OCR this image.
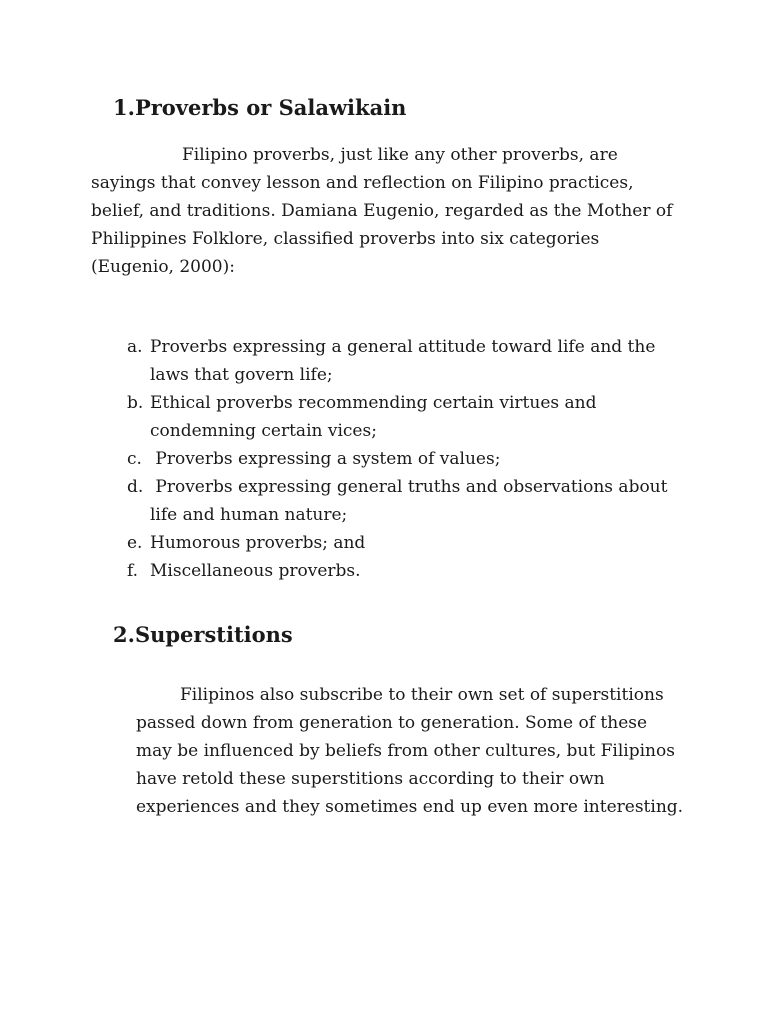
1.Proverbs or Salawikain
Filipino proverbs, just like any other proverbs, are
sayings that convey lesson and reflection on Filipino practices,
belief, and traditions. Damiana Eugenio, regarded as the Mother of
Philippines Folklore, classified proverbs into six categories
(Eugenio, 2000):
a. Proverbs expressing a general attitude toward life and the
laws that govern life;
b. Ethical proverbs recommending certain virtues and
condemning certain vices;
c. Proverbs expressing a system of values;
d. Proverbs expressing general truths and observations about
life and human nature;
e. Humorous proverbs; and
f. Miscellaneous proverbs.
2.Superstitions
Filipinos also subscribe to their own set of superstitions
passed down from generation to generation. Some of these
may be influenced by beliefs from other cultures, but Filipinos
have retold these superstitions according to their own
experiences and they sometimes end up even more interesting.
